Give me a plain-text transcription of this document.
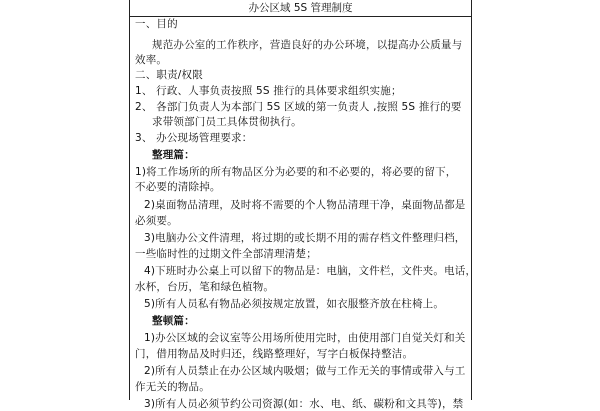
办公区域 5S 管理制度
一、目的
规范办公室的工作秩序，营造良好的办公环境，以提高办公质量与
效率。
二、职责/权限
1、 行政、人事负责按照 5S 推行的具体要求组织实施；
2、 各部门负责人为本部门 5S 区域的第一负责人 ,按照 5S 推行的要
求带领部门员工具体贯彻执行。
3、 办公现场管理要求：
整理篇：
1)将工作场所的所有物品区分为必要的和不必要的，将必要的留下，
不必要的清除掉。
2)桌面物品清理，及时将不需要的个人物品清理干净，桌面物品都是
必须要。
3)电脑办公文件清理，将过期的或长期不用的需存档文件整理归档，
一些临时性的过期文件全部清理清楚；
4)下班时办公桌上可以留下的物品是：电脑，文件栏，文件夹。电话，
水杯，台历，笔和绿色植物。
5)所有人员私有物品必须按规定放置，如衣服整齐放在柱椅上。
整顿篇：
1)办公区域的会议室等公用场所使用完时，由使用部门自觉关灯和关
门，借用物品及时归还，线路整理好，写字白板保持整洁。
2)所有人员禁止在办公区域内吸烟；做与工作无关的事情或带入与工
作无关的物品。
3)所有人员必须节约公司资源(如：水、电、纸、碳粉和文具等)，禁
